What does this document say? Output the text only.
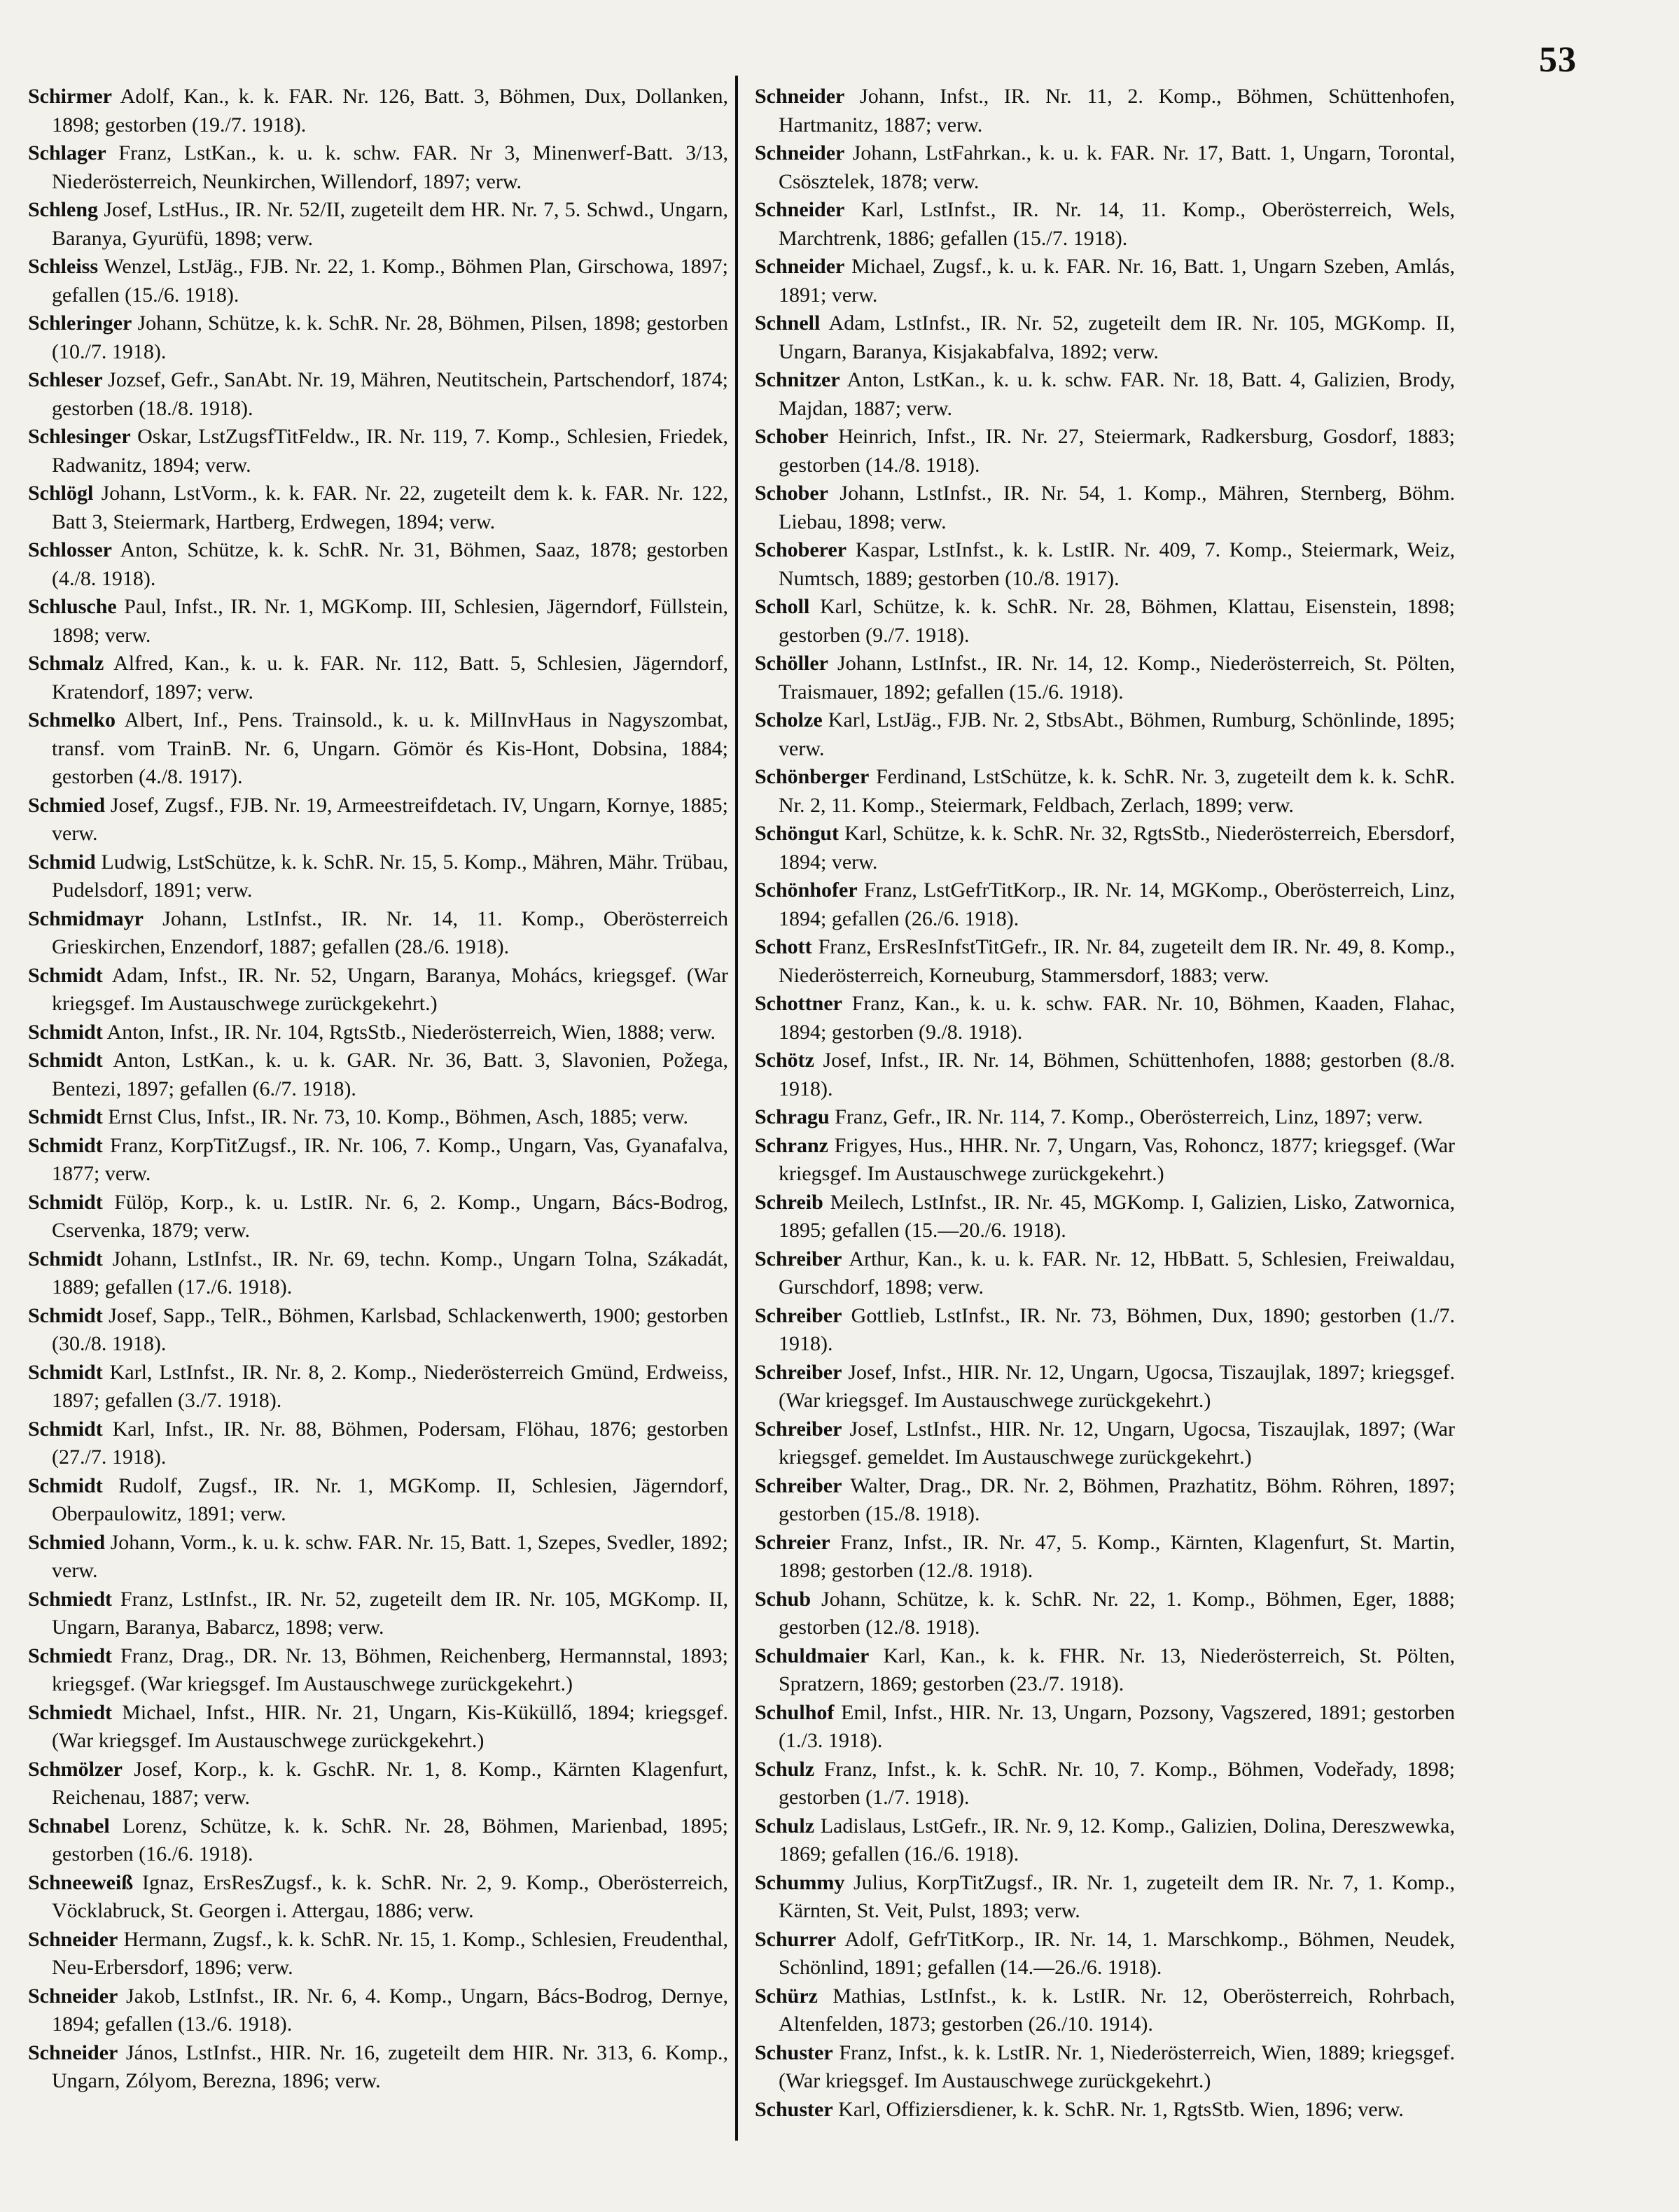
53
Schirmer Adolf, Kan., k. k. FAR. Nr. 126, Batt. 3, Böhmen, Dux, Dollanken, 1898; gestorben (19./7. 1918).
Schlager Franz, LstKan., k. u. k. schw. FAR. Nr 3, Minenwerf-Batt. 3/13, Niederösterreich, Neunkirchen, Willendorf, 1897; verw.
Schleng Josef, LstHus., IR. Nr. 52/II, zugeteilt dem HR. Nr. 7, 5. Schwd., Ungarn, Baranya, Gyurüfü, 1898; verw.
Schleiss Wenzel, LstJäg., FJB. Nr. 22, 1. Komp., Böhmen Plan, Girschowa, 1897; gefallen (15./6. 1918).
Schleringer Johann, Schütze, k. k. SchR. Nr. 28, Böhmen, Pilsen, 1898; gestorben (10./7. 1918).
Schleser Jozsef, Gefr., SanAbt. Nr. 19, Mähren, Neutitschein, Partschendorf, 1874; gestorben (18./8. 1918).
Schlesinger Oskar, LstZugsfTitFeldw., IR. Nr. 119, 7. Komp., Schlesien, Friedek, Radwanitz, 1894; verw.
Schlögl Johann, LstVorm., k. k. FAR. Nr. 22, zugeteilt dem k. k. FAR. Nr. 122, Batt 3, Steiermark, Hartberg, Erdwegen, 1894; verw.
Schlosser Anton, Schütze, k. k. SchR. Nr. 31, Böhmen, Saaz, 1878; gestorben (4./8. 1918).
Schlusche Paul, Infst., IR. Nr. 1, MGKomp. III, Schlesien, Jägerndorf, Füllstein, 1898; verw.
Schmalz Alfred, Kan., k. u. k. FAR. Nr. 112, Batt. 5, Schlesien, Jägerndorf, Kratendorf, 1897; verw.
Schmelko Albert, Inf., Pens. Trainsold., k. u. k. MilInvHaus in Nagyszombat, transf. vom TrainB. Nr. 6, Ungarn. Gömör és Kis-Hont, Dobsina, 1884; gestorben (4./8. 1917).
Schmied Josef, Zugsf., FJB. Nr. 19, Armeestreifdetach. IV, Ungarn, Kornye, 1885; verw.
Schmid Ludwig, LstSchütze, k. k. SchR. Nr. 15, 5. Komp., Mähren, Mähr. Trübau, Pudelsdorf, 1891; verw.
Schmidmayr Johann, LstInfst., IR. Nr. 14, 11. Komp., Oberösterreich Grieskirchen, Enzendorf, 1887; gefallen (28./6. 1918).
Schmidt Adam, Infst., IR. Nr. 52, Ungarn, Baranya, Mohács, kriegsgef. (War kriegsgef. Im Austauschwege zurückgekehrt.)
Schmidt Anton, Infst., IR. Nr. 104, RgtsStb., Niederösterreich, Wien, 1888; verw.
Schmidt Anton, LstKan., k. u. k. GAR. Nr. 36, Batt. 3, Slavonien, Požega, Bentezi, 1897; gefallen (6./7. 1918).
Schmidt Ernst Clus, Infst., IR. Nr. 73, 10. Komp., Böhmen, Asch, 1885; verw.
Schmidt Franz, KorpTitZugsf., IR. Nr. 106, 7. Komp., Ungarn, Vas, Gyanafalva, 1877; verw.
Schmidt Fülöp, Korp., k. u. LstIR. Nr. 6, 2. Komp., Ungarn, Bács-Bodrog, Cservenka, 1879; verw.
Schmidt Johann, LstInfst., IR. Nr. 69, techn. Komp., Ungarn Tolna, Szákadát, 1889; gefallen (17./6. 1918).
Schmidt Josef, Sapp., TelR., Böhmen, Karlsbad, Schlackenwerth, 1900; gestorben (30./8. 1918).
Schmidt Karl, LstInfst., IR. Nr. 8, 2. Komp., Niederösterreich Gmünd, Erdweiss, 1897; gefallen (3./7. 1918).
Schmidt Karl, Infst., IR. Nr. 88, Böhmen, Podersam, Flöhau, 1876; gestorben (27./7. 1918).
Schmidt Rudolf, Zugsf., IR. Nr. 1, MGKomp. II, Schlesien, Jägerndorf, Oberpaulowitz, 1891; verw.
Schmied Johann, Vorm., k. u. k. schw. FAR. Nr. 15, Batt. 1, Szepes, Svedler, 1892; verw.
Schmiedt Franz, LstInfst., IR. Nr. 52, zugeteilt dem IR. Nr. 105, MGKomp. II, Ungarn, Baranya, Babarcz, 1898; verw.
Schmiedt Franz, Drag., DR. Nr. 13, Böhmen, Reichenberg, Hermannstal, 1893; kriegsgef. (War kriegsgef. Im Austauschwege zurückgekehrt.)
Schmiedt Michael, Infst., HIR. Nr. 21, Ungarn, Kis-Küküllő, 1894; kriegsgef. (War kriegsgef. Im Austauschwege zurückgekehrt.)
Schmölzer Josef, Korp., k. k. GschR. Nr. 1, 8. Komp., Kärnten Klagenfurt, Reichenau, 1887; verw.
Schnabel Lorenz, Schütze, k. k. SchR. Nr. 28, Böhmen, Marienbad, 1895; gestorben (16./6. 1918).
Schneeweiß Ignaz, ErsResZugsf., k. k. SchR. Nr. 2, 9. Komp., Oberösterreich, Vöcklabruck, St. Georgen i. Attergau, 1886; verw.
Schneider Hermann, Zugsf., k. k. SchR. Nr. 15, 1. Komp., Schlesien, Freudenthal, Neu-Erbersdorf, 1896; verw.
Schneider Jakob, LstInfst., IR. Nr. 6, 4. Komp., Ungarn, Bács-Bodrog, Dernye, 1894; gefallen (13./6. 1918).
Schneider János, LstInfst., HIR. Nr. 16, zugeteilt dem HIR. Nr. 313, 6. Komp., Ungarn, Zólyom, Berezna, 1896; verw.
Schneider Johann, Infst., IR. Nr. 11, 2. Komp., Böhmen, Schüttenhofen, Hartmanitz, 1887; verw.
Schneider Johann, LstFahrkan., k. u. k. FAR. Nr. 17, Batt. 1, Ungarn, Torontal, Csösztelek, 1878; verw.
Schneider Karl, LstInfst., IR. Nr. 14, 11. Komp., Oberösterreich, Wels, Marchtrenk, 1886; gefallen (15./7. 1918).
Schneider Michael, Zugsf., k. u. k. FAR. Nr. 16, Batt. 1, Ungarn Szeben, Amlás, 1891; verw.
Schnell Adam, LstInfst., IR. Nr. 52, zugeteilt dem IR. Nr. 105, MGKomp. II, Ungarn, Baranya, Kisjakabfalva, 1892; verw.
Schnitzer Anton, LstKan., k. u. k. schw. FAR. Nr. 18, Batt. 4, Galizien, Brody, Majdan, 1887; verw.
Schober Heinrich, Infst., IR. Nr. 27, Steiermark, Radkersburg, Gosdorf, 1883; gestorben (14./8. 1918).
Schober Johann, LstInfst., IR. Nr. 54, 1. Komp., Mähren, Sternberg, Böhm. Liebau, 1898; verw.
Schoberer Kaspar, LstInfst., k. k. LstIR. Nr. 409, 7. Komp., Steiermark, Weiz, Numtsch, 1889; gestorben (10./8. 1917).
Scholl Karl, Schütze, k. k. SchR. Nr. 28, Böhmen, Klattau, Eisenstein, 1898; gestorben (9./7. 1918).
Schöller Johann, LstInfst., IR. Nr. 14, 12. Komp., Niederösterreich, St. Pölten, Traismauer, 1892; gefallen (15./6. 1918).
Scholze Karl, LstJäg., FJB. Nr. 2, StbsAbt., Böhmen, Rumburg, Schönlinde, 1895; verw.
Schönberger Ferdinand, LstSchütze, k. k. SchR. Nr. 3, zugeteilt dem k. k. SchR. Nr. 2, 11. Komp., Steiermark, Feldbach, Zerlach, 1899; verw.
Schöngut Karl, Schütze, k. k. SchR. Nr. 32, RgtsStb., Niederösterreich, Ebersdorf, 1894; verw.
Schönhofer Franz, LstGefrTitKorp., IR. Nr. 14, MGKomp., Oberösterreich, Linz, 1894; gefallen (26./6. 1918).
Schott Franz, ErsResInfstTitGefr., IR. Nr. 84, zugeteilt dem IR. Nr. 49, 8. Komp., Niederösterreich, Korneuburg, Stammersdorf, 1883; verw.
Schottner Franz, Kan., k. u. k. schw. FAR. Nr. 10, Böhmen, Kaaden, Flahac, 1894; gestorben (9./8. 1918).
Schötz Josef, Infst., IR. Nr. 14, Böhmen, Schüttenhofen, 1888; gestorben (8./8. 1918).
Schragu Franz, Gefr., IR. Nr. 114, 7. Komp., Oberösterreich, Linz, 1897; verw.
Schranz Frigyes, Hus., HHR. Nr. 7, Ungarn, Vas, Rohoncz, 1877; kriegsgef. (War kriegsgef. Im Austauschwege zurückgekehrt.)
Schreib Meilech, LstInfst., IR. Nr. 45, MGKomp. I, Galizien, Lisko, Zatwornica, 1895; gefallen (15.—20./6. 1918).
Schreiber Arthur, Kan., k. u. k. FAR. Nr. 12, HbBatt. 5, Schlesien, Freiwaldau, Gurschdorf, 1898; verw.
Schreiber Gottlieb, LstInfst., IR. Nr. 73, Böhmen, Dux, 1890; gestorben (1./7. 1918).
Schreiber Josef, Infst., HIR. Nr. 12, Ungarn, Ugocsa, Tiszaujlak, 1897; kriegsgef. (War kriegsgef. Im Austauschwege zurückgekehrt.)
Schreiber Josef, LstInfst., HIR. Nr. 12, Ungarn, Ugocsa, Tiszaujlak, 1897; (War kriegsgef. gemeldet. Im Austauschwege zurückgekehrt.)
Schreiber Walter, Drag., DR. Nr. 2, Böhmen, Prazhatitz, Böhm. Röhren, 1897; gestorben (15./8. 1918).
Schreier Franz, Infst., IR. Nr. 47, 5. Komp., Kärnten, Klagenfurt, St. Martin, 1898; gestorben (12./8. 1918).
Schub Johann, Schütze, k. k. SchR. Nr. 22, 1. Komp., Böhmen, Eger, 1888; gestorben (12./8. 1918).
Schuldmaier Karl, Kan., k. k. FHR. Nr. 13, Niederösterreich, St. Pölten, Spratzern, 1869; gestorben (23./7. 1918).
Schulhof Emil, Infst., HIR. Nr. 13, Ungarn, Pozsony, Vagszered, 1891; gestorben (1./3. 1918).
Schulz Franz, Infst., k. k. SchR. Nr. 10, 7. Komp., Böhmen, Vodeřady, 1898; gestorben (1./7. 1918).
Schulz Ladislaus, LstGefr., IR. Nr. 9, 12. Komp., Galizien, Dolina, Dereszwewka, 1869; gefallen (16./6. 1918).
Schummy Julius, KorpTitZugsf., IR. Nr. 1, zugeteilt dem IR. Nr. 7, 1. Komp., Kärnten, St. Veit, Pulst, 1893; verw.
Schurrer Adolf, GefrTitKorp., IR. Nr. 14, 1. Marschkomp., Böhmen, Neudek, Schönlind, 1891; gefallen (14.—26./6. 1918).
Schürz Mathias, LstInfst., k. k. LstIR. Nr. 12, Oberösterreich, Rohrbach, Altenfelden, 1873; gestorben (26./10. 1914).
Schuster Franz, Infst., k. k. LstIR. Nr. 1, Niederösterreich, Wien, 1889; kriegsgef. (War kriegsgef. Im Austauschwege zurückgekehrt.)
Schuster Karl, Offiziersdiener, k. k. SchR. Nr. 1, RgtsStb. Wien, 1896; verw.
